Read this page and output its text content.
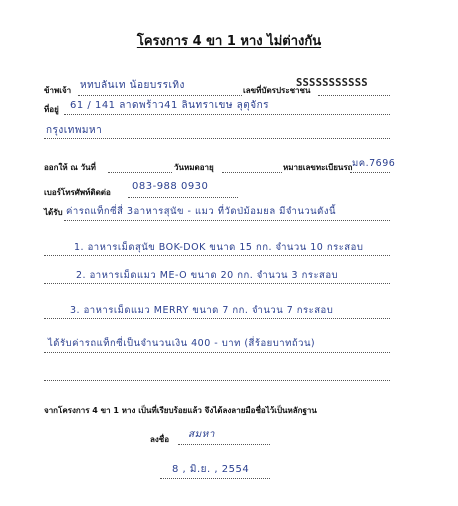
โครงการ 4 ขา 1 หาง ไม่ต่างกัน
ข้าพเจ้า หทบลันเท น้อยบรรเทิง	เลขที่บัตรประชาชน
SSSSSSSSSSS
ที่อยู่ 61 / 141 ลาดพร้าว41 ลินทราเขษ ลุตุจักร
กรุงเทพมหา
ออกให้ ณ วันที่	วันหมดอายุ	หมายเลขทะเบียนรถ มค.7696
เบอร์โทรศัพท์ติดต่อ
083-988 0930
ได้รับ ค่ารถแท็กซี่สี่ 3อาหารสุนัข - แมว ที่วัดป่ม้อมยล มีจำนวนดังนี้
1. อาหารเม็ดสุนัข BOK-DOK ขนาด 15 กก. จำนวน 10 กระสอบ
2. อาหารเม็ดแมว ME-O ขนาด 20 กก. จำนวน 3 กระสอบ
3. อาหารเม็ดแมว MERRY ขนาด 7 กก. จำนวน 7 กระสอบ
ได้รับค่ารถแท็กซี่เป็นจำนวนเงิน 400 - บาท (สี่ร้อยบาทถ้วน)
จากโครงการ 4 ขา 1 หาง เป็นที่เรียบร้อยแล้ว จึงได้ลงลายมือชื่อไว้เป็นหลักฐาน
ลงชื่อ สมหา
8 , มิ.ย. , 2554
